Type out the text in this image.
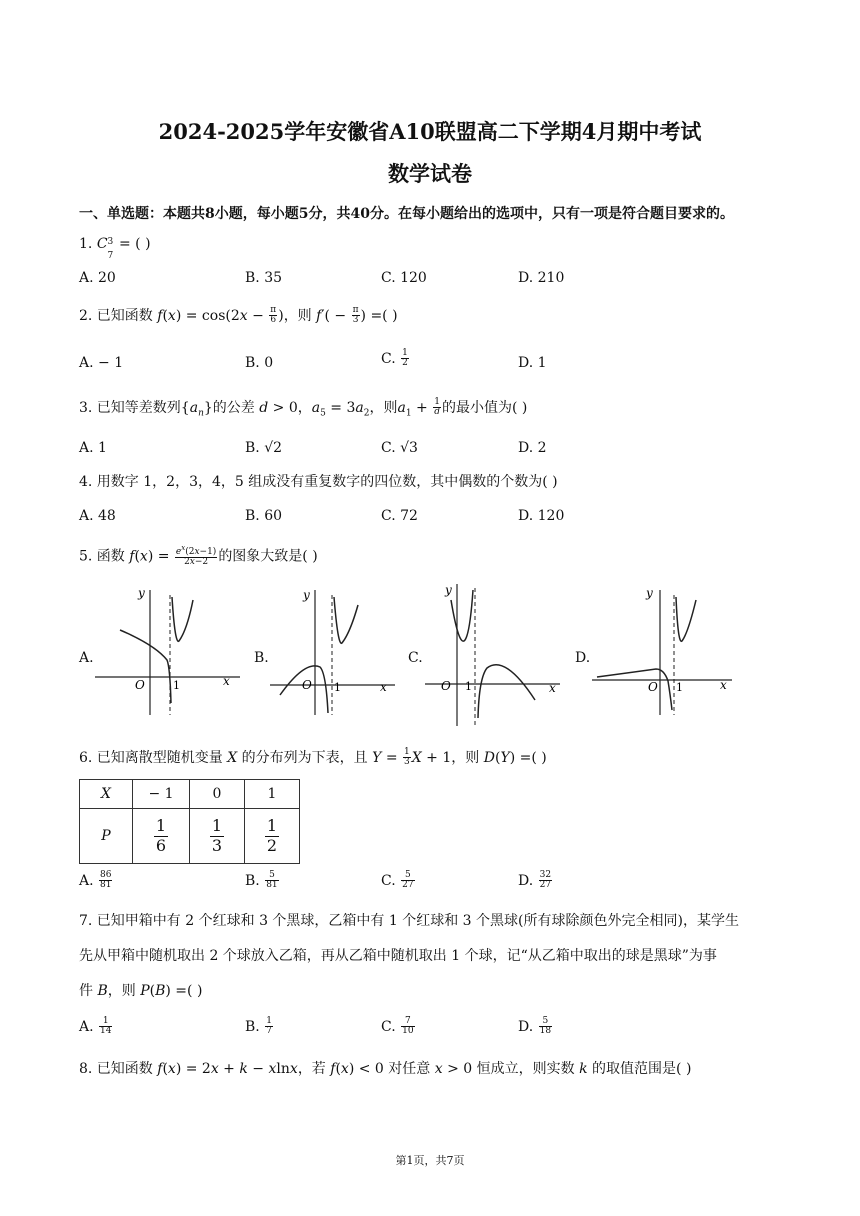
2024-2025学年安徽省A10联盟高二下学期4月期中考试
数学试卷
一、单选题：本题共8小题，每小题5分，共40分。在每小题给出的选项中，只有一项是符合题目要求的。
1. C 3
7
= ( )
A. 20	B. 35	C. 120	D. 210
2. 已知函数 $f(x) = \cos(2x - \frac{\pi}{6}$ )，则 $f'( - \frac{\pi}{3}$ ) =( )
A. − 1	B. 0	C. $\frac{1}{2}$	D. 1
3. 已知等差数列$\{a_n\}$的公差 d > 0，$a_5 = 3a_2$，则$a_1 + \frac{1}{d}$ 的最小值为( )
A. 1	B. √2	C. √3	D. 2
4. 用数字 1，2，3，4，5 组成没有重复数字的四位数，其中偶数的个数为( )
A. 48	B. 60	C. 72	D. 120
5. 函数 $f(x) = \frac{e^x(2x-1)}{2x-2}$ 的图象大致是( )
A.
y
x
O	1
B.
y
x
O 1
C.
y
x
O 1
D.
y
x
O 1
6. 已知离散型随机变量 X 的分布列为下表，且 $Y = \frac{1}{3}$ X + 1，则 D(Y) =( )
X	− 1	0	1
P	$\frac{1}{6}$	$\frac{1}{3}$	$\frac{1}{2}$
A. $\frac{86}{81}$	B. $\frac{5}{81}$	C. $\frac{5}{27}$	D. $\frac{32}{27}$
7. 已知甲箱中有 2 个红球和 3 个黑球，乙箱中有 1 个红球和 3 个黑球(所有球除颜色外完全相同)，某学生
先从甲箱中随机取出 2 个球放入乙箱，再从乙箱中随机取出 1 个球，记“从乙箱中取出的球是黑球”为事
件 B，则 P(B) =( )
A. $\frac{1}{14}$	B. $\frac{1}{7}$	C. $\frac{7}{10}$	D. $\frac{5}{18}$
8. 已知函数 f(x) = 2x + k − xlnx，若 f(x) < 0 对任意 x > 0 恒成立，则实数 k 的取值范围是( )
第1页，共7页
